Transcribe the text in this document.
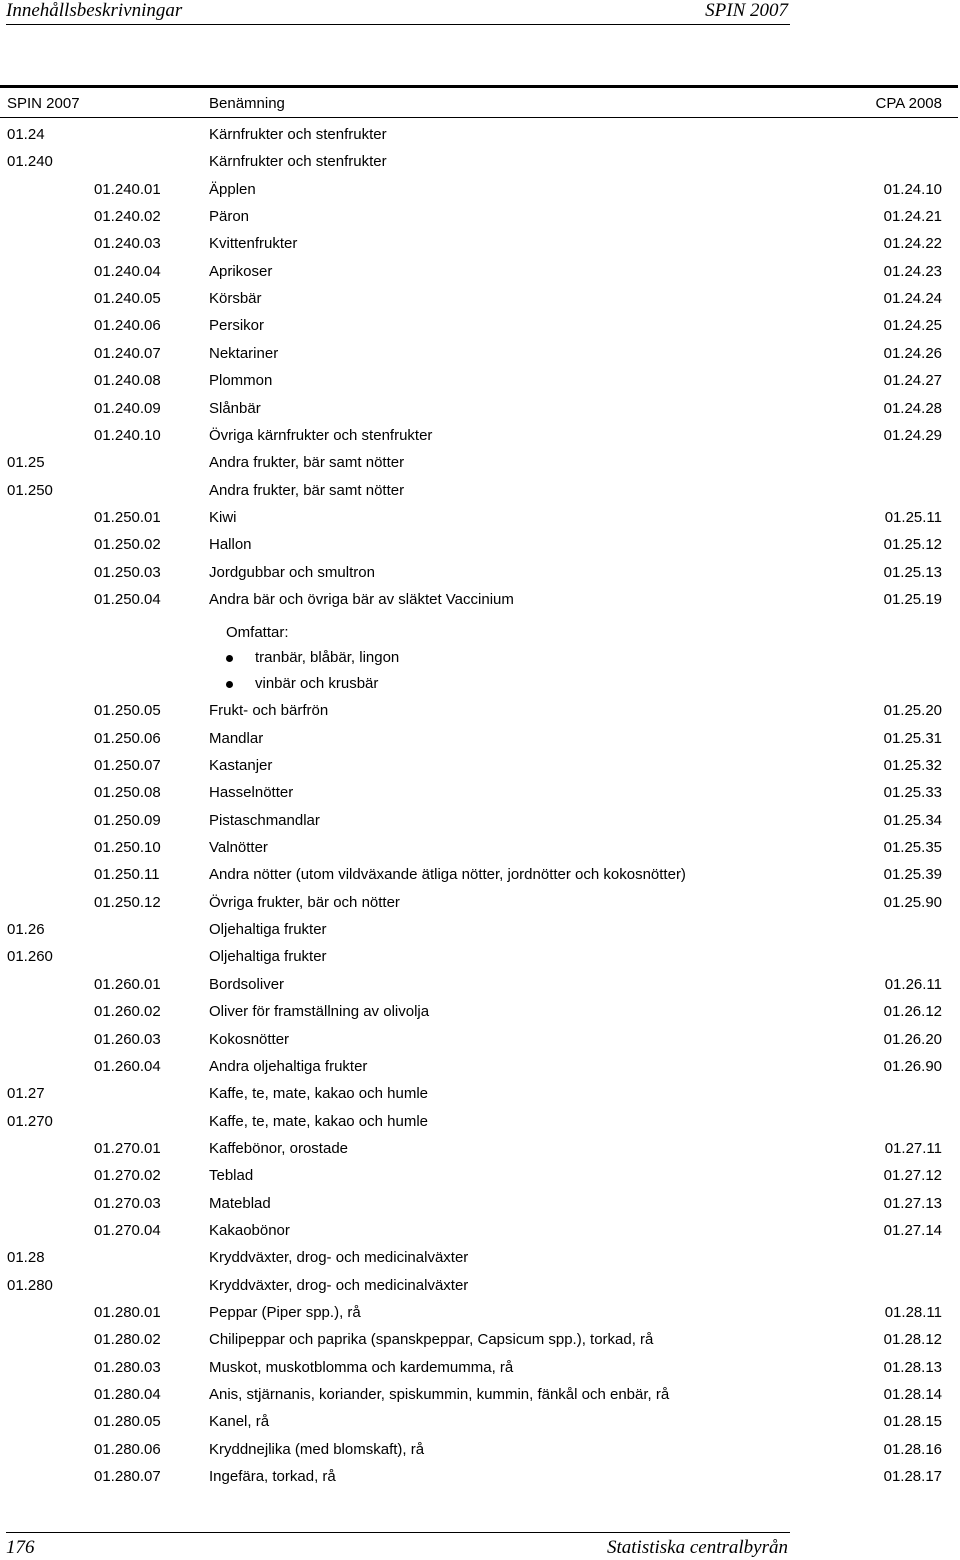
Innehållsbeskrivningar	SPIN 2007
SPIN 2007	Benämning	CPA 2008
01.24	Kärnfrukter och stenfrukter
01.240	Kärnfrukter och stenfrukter
01.240.01	Äpplen	01.24.10
01.240.02	Päron	01.24.21
01.240.03	Kvittenfrukter	01.24.22
01.240.04	Aprikoser	01.24.23
01.240.05	Körsbär	01.24.24
01.240.06	Persikor	01.24.25
01.240.07	Nektariner	01.24.26
01.240.08	Plommon	01.24.27
01.240.09	Slånbär	01.24.28
01.240.10	Övriga kärnfrukter och stenfrukter	01.24.29
01.25	Andra frukter, bär samt nötter
01.250	Andra frukter, bär samt nötter
01.250.01	Kiwi	01.25.11
01.250.02	Hallon	01.25.12
01.250.03	Jordgubbar och smultron	01.25.13
01.250.04	Andra bär och övriga bär av släktet Vaccinium	01.25.19
01.250.05	Frukt- och bärfrön	01.25.20
01.250.06	Mandlar	01.25.31
01.250.07	Kastanjer	01.25.32
01.250.08	Hasselnötter	01.25.33
01.250.09	Pistaschmandlar	01.25.34
01.250.10	Valnötter	01.25.35
01.250.11	Andra nötter (utom vildväxande ätliga nötter, jordnötter och kokosnötter)	01.25.39
01.250.12	Övriga frukter, bär och nötter	01.25.90
01.26	Oljehaltiga frukter
01.260	Oljehaltiga frukter
01.260.01	Bordsoliver	01.26.11
01.260.02	Oliver för framställning av olivolja	01.26.12
01.260.03	Kokosnötter	01.26.20
01.260.04	Andra oljehaltiga frukter	01.26.90
01.27	Kaffe, te, mate, kakao och humle
01.270	Kaffe, te, mate, kakao och humle
01.270.01	Kaffebönor, orostade	01.27.11
01.270.02	Teblad	01.27.12
01.270.03	Mateblad	01.27.13
01.270.04	Kakaobönor	01.27.14
01.28	Kryddväxter, drog- och medicinalväxter
01.280	Kryddväxter, drog- och medicinalväxter
01.280.01	Peppar (Piper spp.), rå	01.28.11
01.280.02	Chilipeppar och paprika (spanskpeppar, Capsicum spp.), torkad, rå	01.28.12
01.280.03	Muskot, muskotblomma och kardemumma, rå	01.28.13
01.280.04	Anis, stjärnanis, koriander, spiskummin, kummin, fänkål och enbär, rå	01.28.14
01.280.05	Kanel, rå	01.28.15
01.280.06	Kryddnejlika (med blomskaft), rå	01.28.16
01.280.07	Ingefära, torkad, rå	01.28.17
Omfattar:
tranbär, blåbär, lingon
vinbär och krusbär
176	Statistiska centralbyrån
